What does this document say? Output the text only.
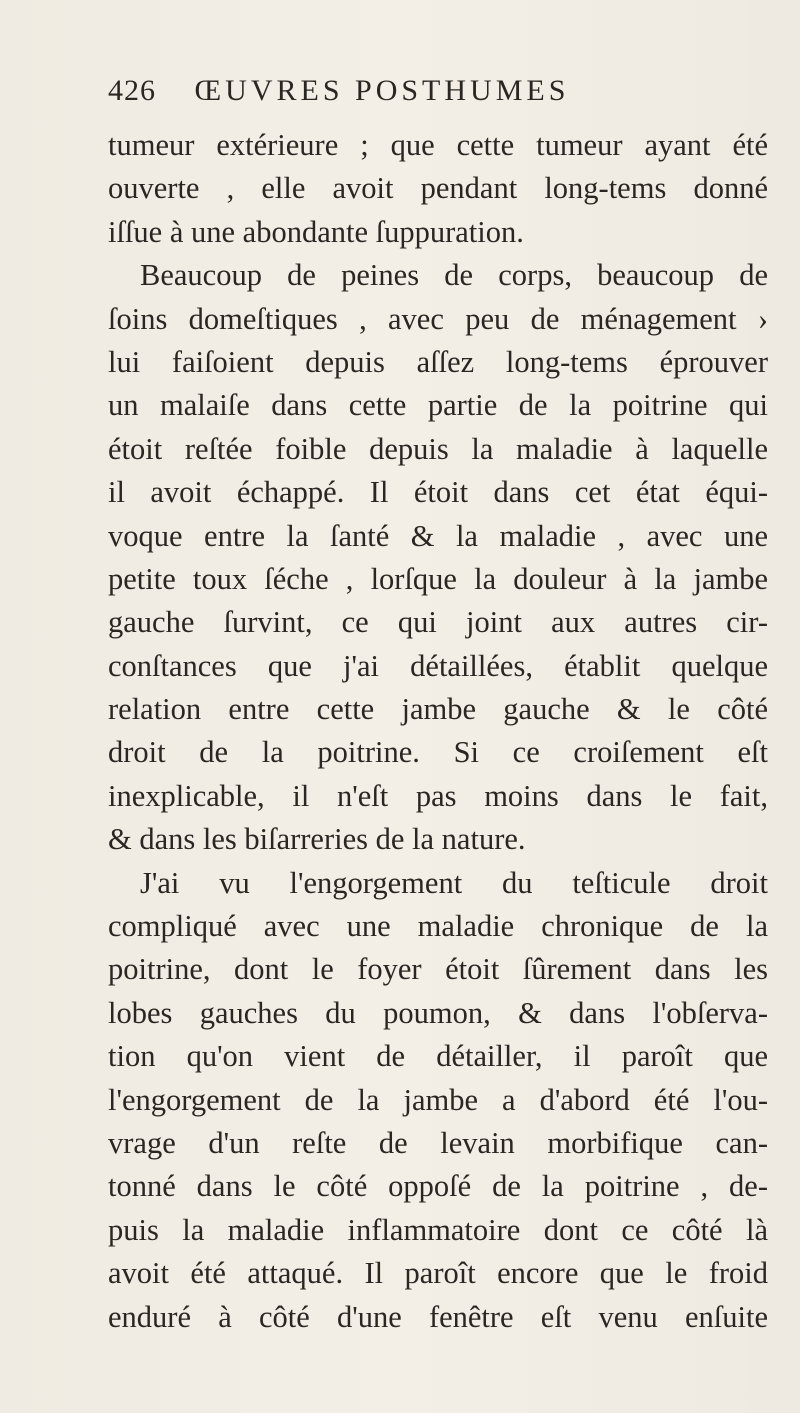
426 ŒUVRES POSTHUMES
tumeur extérieure ; que cette tumeur ayant été
ouverte , elle avoit pendant long-tems donné
iſſue à une abondante ſuppuration.
Beaucoup de peines de corps, beaucoup de
ſoins domeſtiques , avec peu de ménagement ›
lui faiſoient depuis aſſez long-tems éprouver
un malaiſe dans cette partie de la poitrine qui
étoit reſtée foible depuis la maladie à laquelle
il avoit échappé. Il étoit dans cet état équi-
voque entre la ſanté & la maladie , avec une
petite toux ſéche , lorſque la douleur à la jambe
gauche ſurvint, ce qui joint aux autres cir-
conſtances que j'ai détaillées, établit quelque
relation entre cette jambe gauche & le côté
droit de la poitrine. Si ce croiſement eſt
inexplicable, il n'eſt pas moins dans le fait,
& dans les biſarreries de la nature.
J'ai vu l'engorgement du teſticule droit
compliqué avec une maladie chronique de la
poitrine, dont le foyer étoit ſûrement dans les
lobes gauches du poumon, & dans l'obſerva-
tion qu'on vient de détailler, il paroît que
l'engorgement de la jambe a d'abord été l'ou-
vrage d'un reſte de levain morbifique can-
tonné dans le côté oppoſé de la poitrine , de-
puis la maladie inflammatoire dont ce côté là
avoit été attaqué. Il paroît encore que le froid
enduré à côté d'une fenêtre eſt venu enſuite
